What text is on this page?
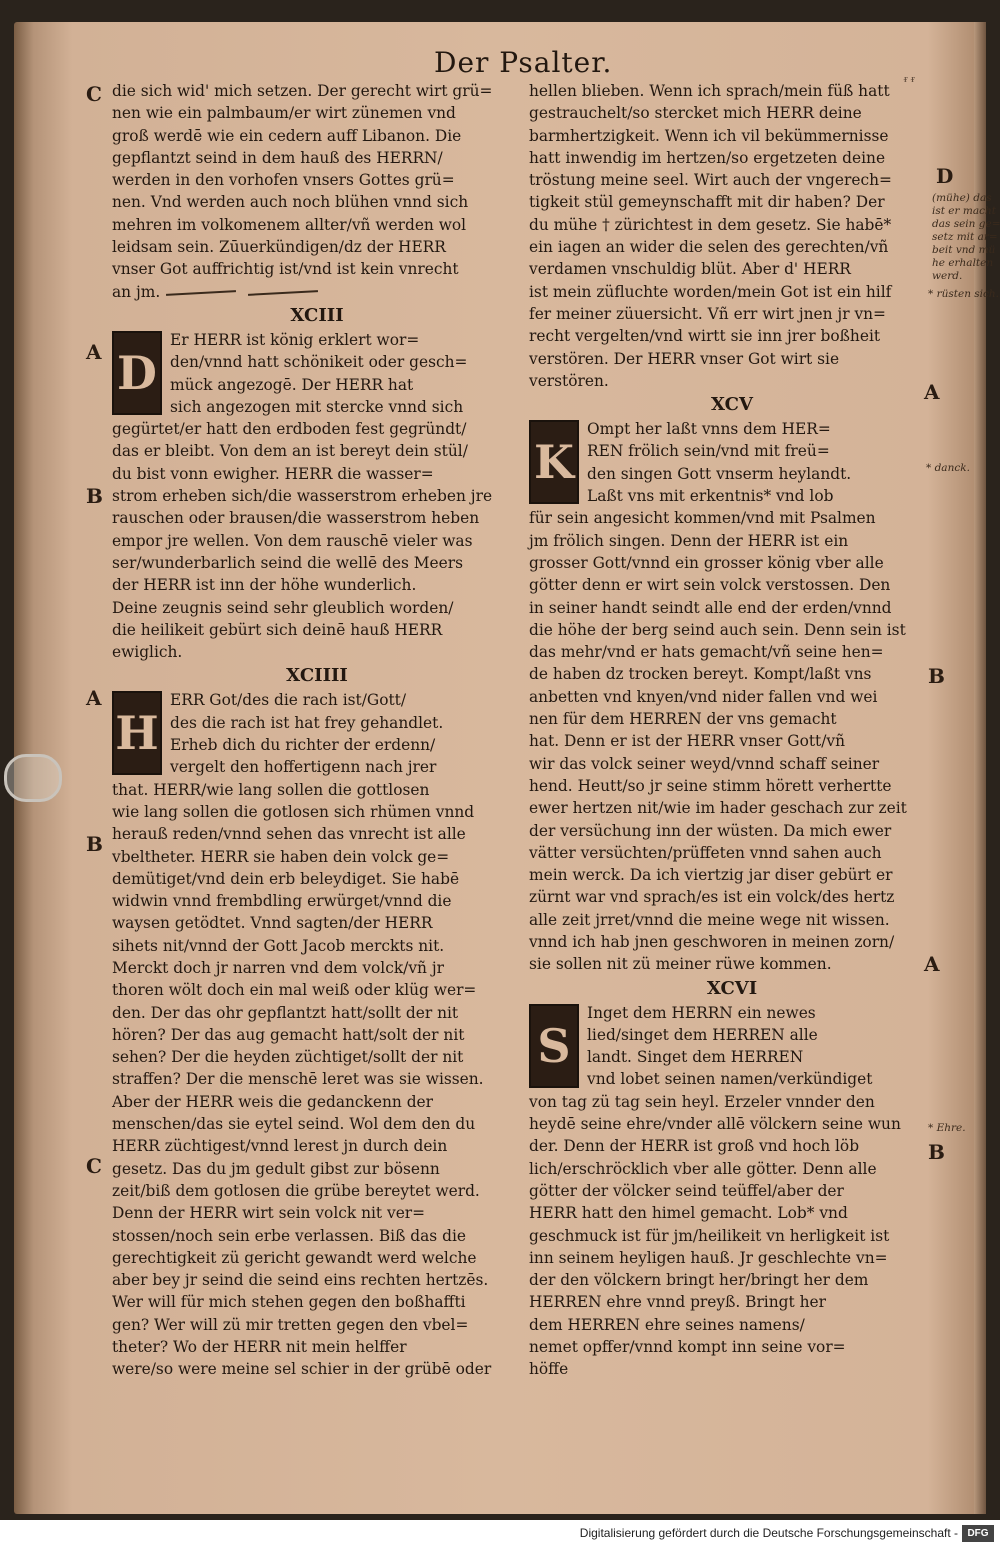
Der Psalter.	ᵲ ᵲ
die sich wid' mich setzen. Der gerecht wirt grü=
nen wie ein palmbaum/er wirt zünemen vnd
groß werdē wie ein cedern auff Libanon. Die
gepflantzt seind in dem hauß des HERRN/
werden in den vorhofen vnsers Gottes grü=
nen. Vnd werden auch noch blühen vnnd sich
mehren im volkomenem allter/vñ werden wol
leidsam sein. Zūuerkündigen/dz der HERR
vnser Got auffrichtig ist/vnd ist kein vnrecht
an jm.
XCIII
D
Er HERR ist könig erklert wor=
den/vnnd hatt schönikeit oder gesch=
mück angezogē. Der HERR hat
sich angezogen mit stercke vnnd sich
gegürtet/er hatt den erdboden fest gegründt/
das er bleibt. Von dem an ist bereyt dein stül/
du bist vonn ewigher. HERR die wasser=
strom erheben sich/die wasserstrom erheben jre
rauschen oder brausen/die wasserstrom heben
empor jre wellen. Von dem rauschē vieler was
ser/wunderbarlich seind die wellē des Meers
der HERR ist inn der höhe wunderlich.
Deine zeugnis seind sehr gleublich worden/
die heilikeit gebürt sich deinē hauß HERR
ewiglich.
XCIIII
H
ERR Got/des die rach ist/Gott/
des die rach ist hat frey gehandlet.
Erheb dich du richter der erdenn/
vergelt den hoffertigenn nach jrer
that. HERR/wie lang sollen die gottlosen
wie lang sollen die gotlosen sich rhümen vnnd
herauß reden/vnnd sehen das vnrecht ist alle
vbeltheter. HERR sie haben dein volck ge=
demütiget/vnd dein erb beleydiget. Sie habē
widwin vnnd frembdling erwürget/vnnd die
waysen getödtet. Vnnd sagten/der HERR
sihets nit/vnnd der Gott Jacob merckts nit.
Merckt doch jr narren vnd dem volck/vñ jr
thoren wölt doch ein mal weiß oder klüg wer=
den. Der das ohr gepflantzt hatt/sollt der nit
hören? Der das aug gemacht hatt/solt der nit
sehen? Der die heyden züchtiget/sollt der nit
straffen? Der die menschē leret was sie wissen.
Aber der HERR weis die gedanckenn der
menschen/das sie eytel seind. Wol dem den du
HERR züchtigest/vnnd lerest jn durch dein
gesetz. Das du jm gedult gibst zur bösenn
zeit/biß dem gotlosen die grübe bereytet werd.
Denn der HERR wirt sein volck nit ver=
stossen/noch sein erbe verlassen. Biß das die
gerechtigkeit zü gericht gewandt werd welche
aber bey jr seind die seind eins rechten hertzēs.
Wer will für mich stehen gegen den boßhaffti
gen? Wer will zü mir tretten gegen den vbel=
theter? Wo der HERR nit mein helffer
were/so were meine sel schier in der grübē oder
hellen blieben. Wenn ich sprach/mein füß hatt
gestrauchelt/so stercket mich HERR deine
barmhertzigkeit. Wenn ich vil bekümmernisse
hatt inwendig im hertzen/so ergetzeten deine
tröstung meine seel. Wirt auch der vngerech=
tigkeit stül gemeynschafft mit dir haben? Der
du mühe † zürichtest in dem gesetz. Sie habē*
ein iagen an wider die selen des gerechten/vñ
verdamen vnschuldig blüt. Aber d' HERR
ist mein züfluchte worden/mein Got ist ein hilf
fer meiner züuersicht. Vñ err wirt jnen jr vn=
recht vergelten/vnd wirtt sie inn jrer boßheit
verstören. Der HERR vnser Got wirt sie
verstören.
XCV
K
Ompt her laßt vnns dem HER=
REN frölich sein/vnd mit freü=
den singen Gott vnserm heylandt.
Laßt vns mit erkentnis* vnd lob
für sein angesicht kommen/vnd mit Psalmen
jm frölich singen. Denn der HERR ist ein
grosser Gott/vnnd ein grosser könig vber alle
götter denn er wirt sein volck verstossen. Den
in seiner handt seindt alle end der erden/vnnd
die höhe der berg seind auch sein. Denn sein ist
das mehr/vnd er hats gemacht/vñ seine hen=
de haben dz trocken bereyt. Kompt/laßt vns
anbetten vnd knyen/vnd nider fallen vnd wei
nen für dem HERREN der vns gemacht
hat. Denn er ist der HERR vnser Gott/vñ
wir das volck seiner weyd/vnnd schaff seiner
hend. Heutt/so jr seine stimm hörett verhertte
ewer hertzen nit/wie im hader geschach zur zeit
der versüchung inn der wüsten. Da mich ewer
vätter versüchten/prüffeten vnnd sahen auch
mein werck. Da ich viertzig jar diser gebürt er
zürnt war vnd sprach/es ist ein volck/des hertz
alle zeit jrret/vnnd die meine wege nit wissen.
vnnd ich hab jnen geschworen in meinen zorn/
sie sollen nit zü meiner rüwe kommen.
XCVI
S
Inget dem HERRN ein newes
lied/singet dem HERREN alle
landt. Singet dem HERREN
vnd lobet seinen namen/verkündiget
von tag zü tag sein heyl. Erzeler vnnder den
heydē seine ehre/vnder allē völckern seine wun
der. Denn der HERR ist groß vnd hoch löb
lich/erschröcklich vber alle götter. Denn alle
götter der völcker seind teüffel/aber der
HERR hatt den himel gemacht. Lob* vnd
geschmuck ist für jm/heilikeit vn herligkeit ist
inn seinem heyligen hauß. Jr geschlechte vn=
der den völckern bringt her/bringt her dem
HERREN ehre vnnd preyß. Bringt her
dem HERREN ehre seines namens/
nemet opffer/vnnd kompt inn seine vor=
höffe
C
A
B
A
B
C
D
A
B
A
B
(mühe) das
ist er macht
das sein ge=
setz mit ar=
beit vnd mü
he erhalten
werd.
* rüsten sich.
* danck.
* Ehre.
Digitalisierung gefördert durch die Deutsche Forschungsgemeinschaft - DFG
